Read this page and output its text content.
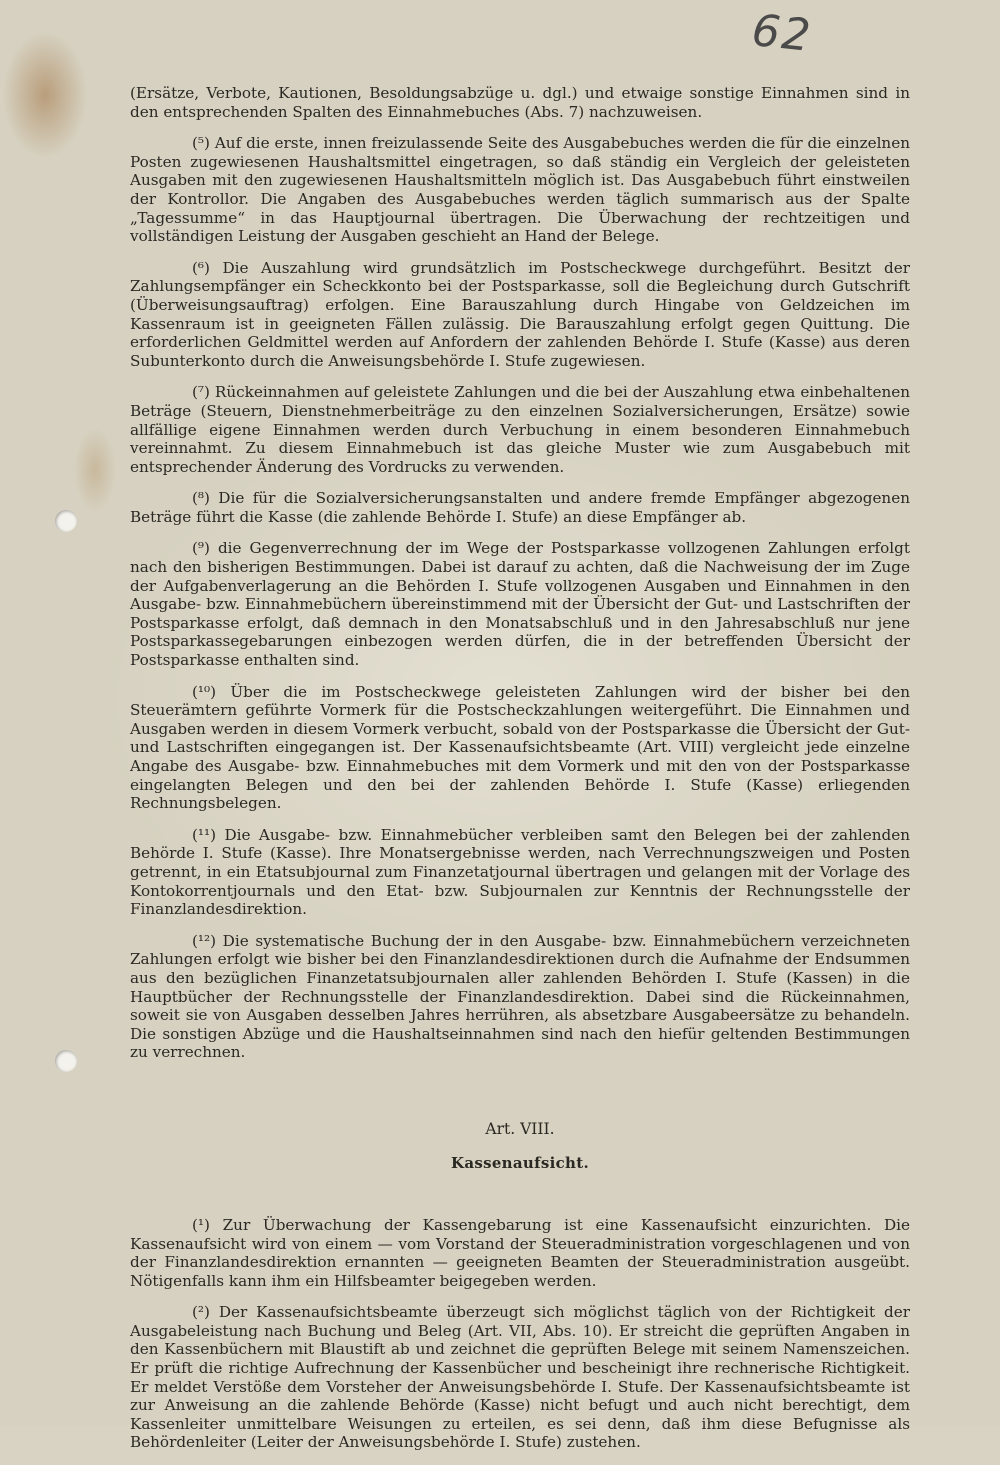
62

(Ersätze, Verbote, Kautionen, Besoldungsabzüge u. dgl.) und etwaige sonstige Einnahmen sind in den entsprechenden Spalten des Einnahmebuches (Abs. 7) nachzuweisen.

(⁵) Auf die erste, innen freizulassende Seite des Ausgabebuches werden die für die einzelnen Posten zugewiesenen Haushaltsmittel eingetragen, so daß ständig ein Vergleich der geleisteten Ausgaben mit den zugewiesenen Haushaltsmitteln möglich ist. Das Ausgabebuch führt einstweilen der Kontrollor. Die Angaben des Ausgabebuches werden täglich summarisch aus der Spalte „Tagessumme“ in das Hauptjournal übertragen. Die Überwachung der rechtzeitigen und vollständigen Leistung der Ausgaben geschieht an Hand der Belege.

(⁶) Die Auszahlung wird grundsätzlich im Postscheckwege durchgeführt. Besitzt der Zahlungsempfänger ein Scheckkonto bei der Postsparkasse, soll die Begleichung durch Gutschrift (Überweisungsauftrag) erfolgen. Eine Barauszahlung durch Hingabe von Geldzeichen im Kassenraum ist in geeigneten Fällen zulässig. Die Barauszahlung erfolgt gegen Quittung. Die erforderlichen Geldmittel werden auf Anfordern der zahlenden Behörde I. Stufe (Kasse) aus deren Subunterkonto durch die Anweisungsbehörde I. Stufe zugewiesen.

(⁷) Rückeinnahmen auf geleistete Zahlungen und die bei der Auszahlung etwa einbehaltenen Beträge (Steuern, Dienstnehmerbeiträge zu den einzelnen Sozialversicherungen, Ersätze) sowie allfällige eigene Einnahmen werden durch Verbuchung in einem besonderen Einnahmebuch vereinnahmt. Zu diesem Einnahmebuch ist das gleiche Muster wie zum Ausgabebuch mit entsprechender Änderung des Vordrucks zu verwenden.

(⁸) Die für die Sozialversicherungsanstalten und andere fremde Empfänger abgezogenen Beträge führt die Kasse (die zahlende Behörde I. Stufe) an diese Empfänger ab.

(⁹) die Gegenverrechnung der im Wege der Postsparkasse vollzogenen Zahlungen erfolgt nach den bisherigen Bestimmungen. Dabei ist darauf zu achten, daß die Nachweisung der im Zuge der Aufgabenverlagerung an die Behörden I. Stufe vollzogenen Ausgaben und Einnahmen in den Ausgabe- bzw. Einnahmebüchern übereinstimmend mit der Übersicht der Gut- und Lastschriften der Postsparkasse erfolgt, daß demnach in den Monatsabschluß und in den Jahresabschluß nur jene Postsparkassegebarungen einbezogen werden dürfen, die in der betreffenden Übersicht der Postsparkasse enthalten sind.

(¹⁰) Über die im Postscheckwege geleisteten Zahlungen wird der bisher bei den Steuerämtern geführte Vormerk für die Postscheckzahlungen weitergeführt. Die Einnahmen und Ausgaben werden in diesem Vormerk verbucht, sobald von der Postsparkasse die Übersicht der Gut- und Lastschriften eingegangen ist. Der Kassenaufsichtsbeamte (Art. VIII) vergleicht jede einzelne Angabe des Ausgabe- bzw. Einnahmebuches mit dem Vormerk und mit den von der Postsparkasse eingelangten Belegen und den bei der zahlenden Behörde I. Stufe (Kasse) erliegenden Rechnungsbelegen.

(¹¹) Die Ausgabe- bzw. Einnahmebücher verbleiben samt den Belegen bei der zahlenden Behörde I. Stufe (Kasse). Ihre Monatsergebnisse werden, nach Verrechnungszweigen und Posten getrennt, in ein Etatsubjournal zum Finanzetatjournal übertragen und gelangen mit der Vorlage des Kontokorrentjournals und den Etat- bzw. Subjournalen zur Kenntnis der Rechnungsstelle der Finanzlandesdirektion.

(¹²) Die systematische Buchung der in den Ausgabe- bzw. Einnahmebüchern verzeichneten Zahlungen erfolgt wie bisher bei den Finanzlandesdirektionen durch die Aufnahme der Endsummen aus den bezüglichen Finanzetatsubjournalen aller zahlenden Behörden I. Stufe (Kassen) in die Hauptbücher der Rechnungsstelle der Finanzlandesdirektion. Dabei sind die Rückeinnahmen, soweit sie von Ausgaben desselben Jahres herrühren, als absetzbare Ausgabeersätze zu behandeln. Die sonstigen Abzüge und die Haushaltseinnahmen sind nach den hiefür geltenden Bestimmungen zu verrechnen.

Art. VIII.
Kassenaufsicht.

(¹) Zur Überwachung der Kassengebarung ist eine Kassenaufsicht einzurichten. Die Kassenaufsicht wird von einem — vom Vorstand der Steueradministration vorgeschlagenen und von der Finanzlandesdirektion ernannten — geeigneten Beamten der Steueradministration ausgeübt. Nötigenfalls kann ihm ein Hilfsbeamter beigegeben werden.

(²) Der Kassenaufsichtsbeamte überzeugt sich möglichst täglich von der Richtigkeit der Ausgabeleistung nach Buchung und Beleg (Art. VII, Abs. 10). Er streicht die geprüften Angaben in den Kassenbüchern mit Blaustift ab und zeichnet die geprüften Belege mit seinem Namenszeichen. Er prüft die richtige Aufrechnung der Kassenbücher und bescheinigt ihre rechnerische Richtigkeit. Er meldet Verstöße dem Vorsteher der Anweisungsbehörde I. Stufe. Der Kassenaufsichtsbeamte ist zur Anweisung an die zahlende Behörde (Kasse) nicht befugt und auch nicht berechtigt, dem Kassenleiter unmittelbare Weisungen zu erteilen, es sei denn, daß ihm diese Befugnisse als Behördenleiter (Leiter der Anweisungsbehörde I. Stufe) zustehen.
